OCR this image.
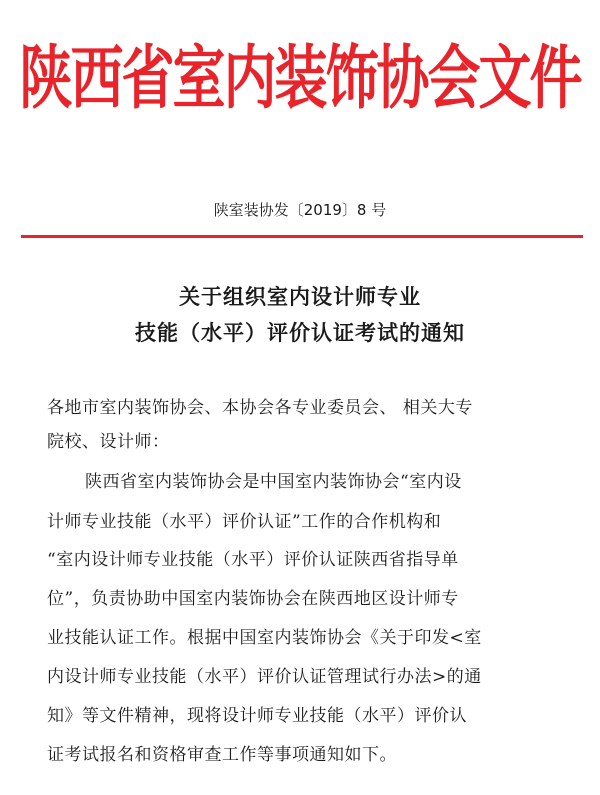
陕西省室内装饰协会文件
陕室装协发〔2019〕8 号
关于组织室内设计师专业
技能（水平）评价认证考试的通知
各地市室内装饰协会、本协会各专业委员会、 相关大专
院校、设计师：
陕西省室内装饰协会是中国室内装饰协会“室内设
计师专业技能（水平）评价认证”工作的合作机构和
“室内设计师专业技能（水平）评价认证陕西省指导单
位”，负责协助中国室内装饰协会在陕西地区设计师专
业技能认证工作。根据中国室内装饰协会《关于印发<室
内设计师专业技能（水平）评价认证管理试行办法>的通
知》等文件精神，现将设计师专业技能（水平）评价认
证考试报名和资格审查工作等事项通知如下。
